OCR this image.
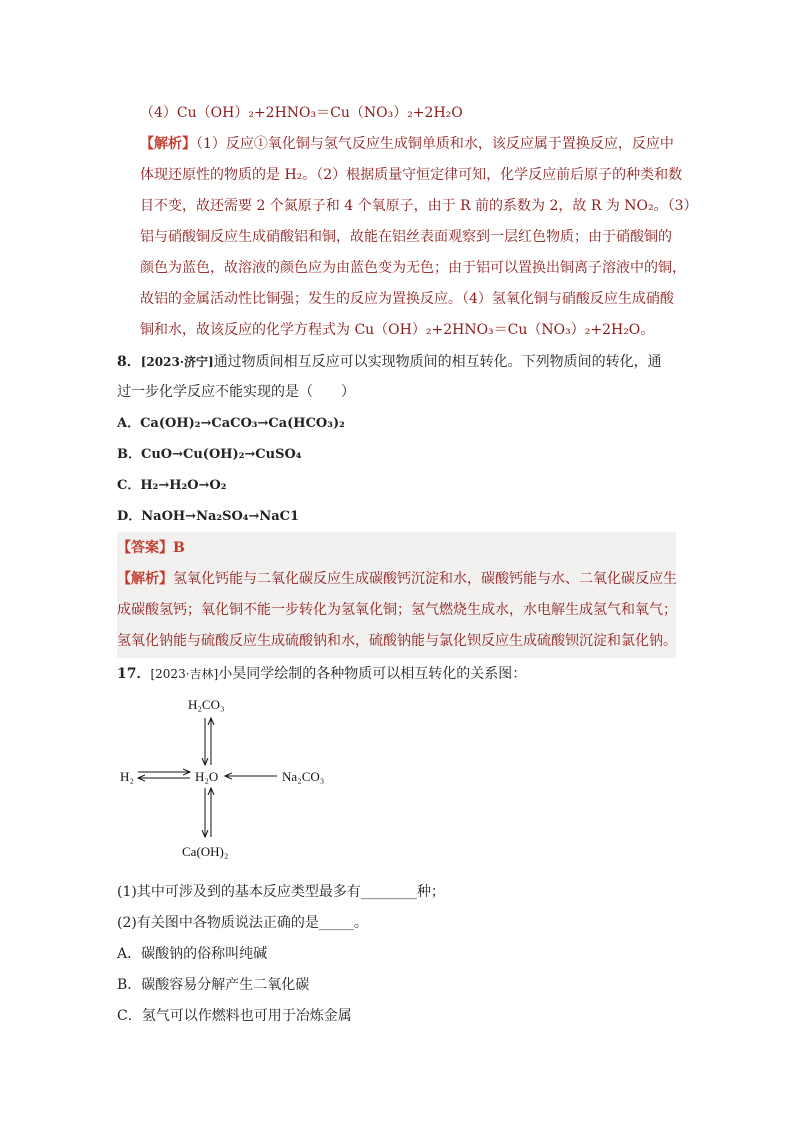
（4）Cu（OH）₂+2HNO₃＝Cu（NO₃）₂+2H₂O
【解析】（1）反应①氧化铜与氢气反应生成铜单质和水，该反应属于置换反应，反应中
体现还原性的物质的是 H₂。（2）根据质量守恒定律可知，化学反应前后原子的种类和数
目不变，故还需要 2 个氮原子和 4 个氧原子，由于 R 前的系数为 2，故 R 为 NO₂。（3）
铝与硝酸铜反应生成硝酸铝和铜，故能在铝丝表面观察到一层红色物质；由于硝酸铜的
颜色为蓝色，故溶液的颜色应为由蓝色变为无色；由于铝可以置换出铜离子溶液中的铜，
故铝的金属活动性比铜强；发生的反应为置换反应。（4）氢氧化铜与硝酸反应生成硝酸
铜和水，故该反应的化学方程式为 Cu（OH）₂+2HNO₃＝Cu（NO₃）₂+2H₂O。
8．[2023·济宁]通过物质间相互反应可以实现物质间的相互转化。下列物质间的转化，通
过一步化学反应不能实现的是（　　）
A．Ca(OH)₂→CaCO₃→Ca(HCO₃)₂
B．CuO→Cu(OH)₂→CuSO₄
C．H₂→H₂O→O₂
D．NaOH→Na₂SO₄→NaC1
【答案】B
【解析】氢氧化钙能与二氧化碳反应生成碳酸钙沉淀和水，碳酸钙能与水、二氧化碳反应生
成碳酸氢钙；氧化铜不能一步转化为氢氧化铜；氢气燃烧生成水，水电解生成氢气和氧气；
氢氧化钠能与硫酸反应生成硫酸钠和水，硫酸钠能与氯化钡反应生成硫酸钡沉淀和氯化钠。
17．[2023·吉林]小昊同学绘制的各种物质可以相互转化的关系图：
H₂CO₃
H₂O
H₂	Na₂CO₃
Ca(OH)₂
(1)其中可涉及到的基本反应类型最多有________种；
(2)有关图中各物质说法正确的是_____。
A．碳酸钠的俗称叫纯碱
B．碳酸容易分解产生二氧化碳
C．氢气可以作燃料也可用于冶炼金属
